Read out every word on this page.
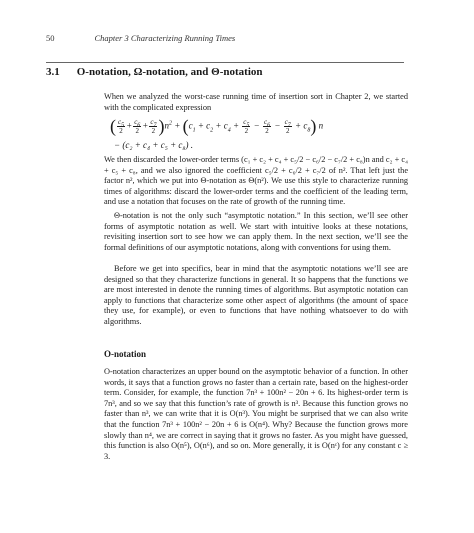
50	Chapter 3 Characterizing Running Times
3.1 O-notation, Ω-notation, and Θ-notation

When we analyzed the worst-case running time of insertion sort in Chapter 2, we started with the complicated expression

( $\frac{c_5}{2} + \frac{c_6}{2} + \frac{c_7}{2} )n^2 + (c_1 + c_2 + c_4 + \frac{c_5}{2} - \frac{c_6}{2} - \frac{c_7}{2} + c_8)$ n
− (c₂ + c₄ + c₅ + c₈) .

We then discarded the lower-order terms (c₁ + c₂ + c₄ + c₅/2 − c₆/2 − c₇/2 + c₈)n and c₂ + c₄ + c₅ + c₈, and we also ignored the coefficient c₅/2 + c₆/2 + c₇/2 of n². That left just the factor n², which we put into Θ-notation as Θ(n²). We use this style to characterize running times of algorithms: discard the lower-order terms and the coefficient of the leading term, and use a notation that focuses on the rate of growth of the running time.

Θ-notation is not the only such “asymptotic notation.” In this section, we’ll see other forms of asymptotic notation as well. We start with intuitive looks at these notations, revisiting insertion sort to see how we can apply them. In the next section, we’ll see the formal definitions of our asymptotic notations, along with conventions for using them.

Before we get into specifics, bear in mind that the asymptotic notations we’ll see are designed so that they characterize functions in general. It so happens that the functions we are most interested in denote the running times of algorithms. But asymptotic notation can apply to functions that characterize some other aspect of algorithms (the amount of space they use, for example), or even to functions that have nothing whatsoever to do with algorithms.

O-notation

O-notation characterizes an upper bound on the asymptotic behavior of a function. In other words, it says that a function grows no faster than a certain rate, based on the highest-order term. Consider, for example, the function 7n³ + 100n² − 20n + 6. Its highest-order term is 7n³, and so we say that this function’s rate of growth is n³. Because this function grows no faster than n³, we can write that it is O(n³). You might be surprised that we can also write that the function 7n³ + 100n² − 20n + 6 is O(n⁴). Why? Because the function grows more slowly than n⁴, we are correct in saying that it grows no faster. As you might have guessed, this function is also O(n⁵), O(n⁶), and so on. More generally, it is O(nᶜ) for any constant c ≥ 3.
